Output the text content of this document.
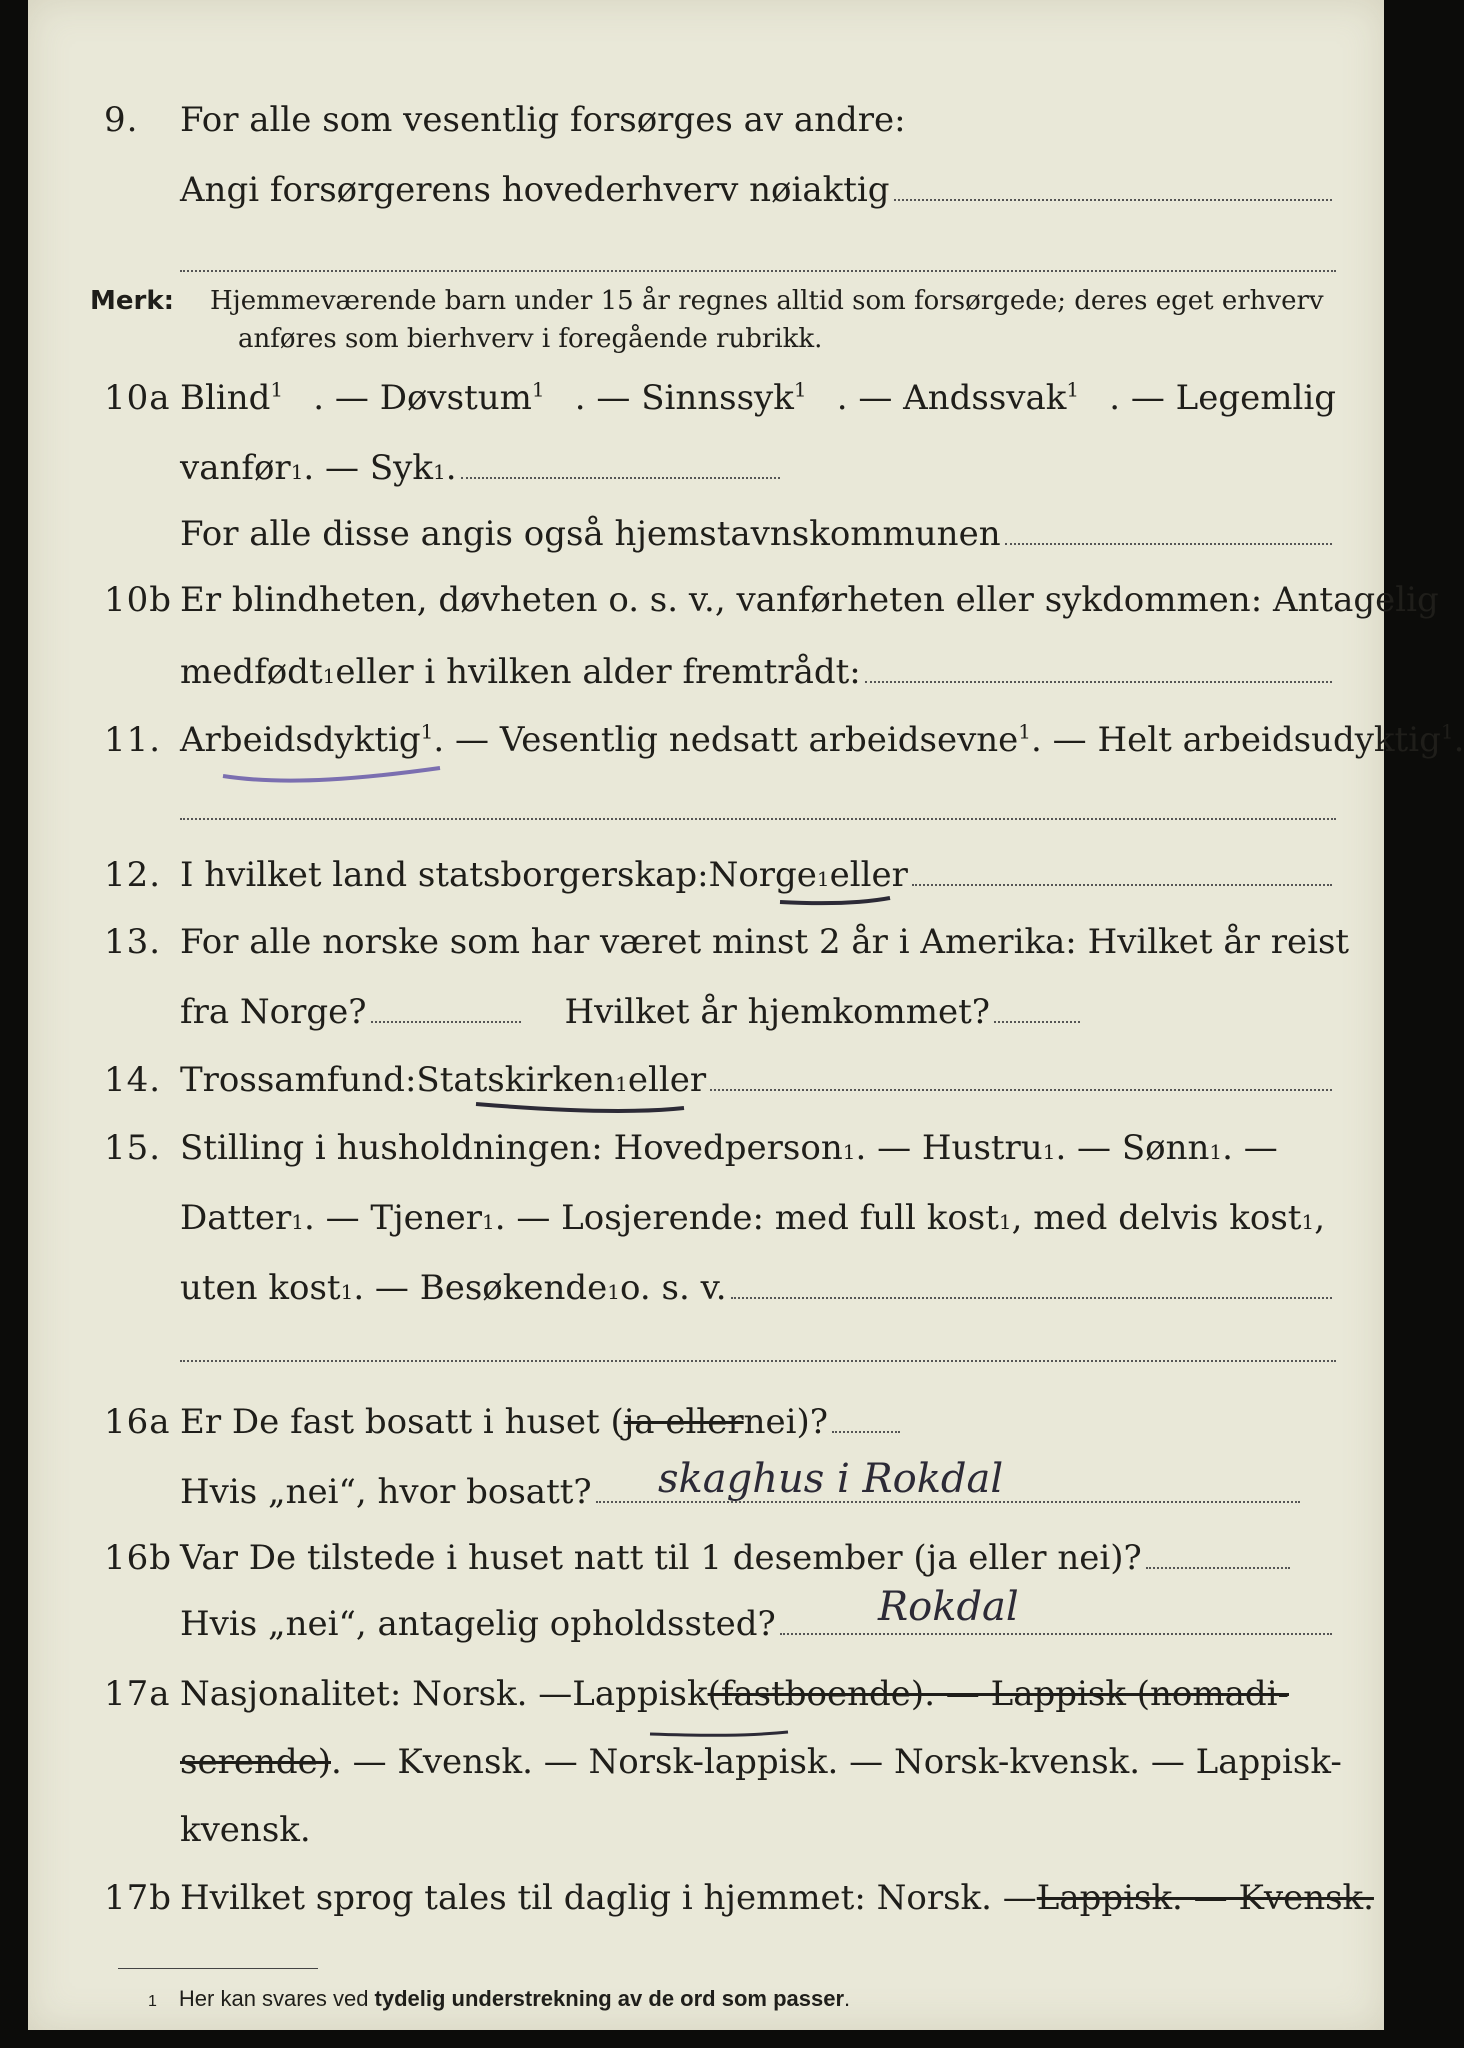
9. For alle som vesentlig forsørges av andre:
Angi forsørgerens hovederhverv nøiaktig
Merk: Hjemmeværende barn under 15 år regnes alltid som forsørgede; deres eget erhverv
anføres som bierhverv i foregående rubrikk.
10a Blind$^1$ . — Døvstum$^1$ . — Sinnssyk$^1$ . — Andssvak$^1$ . — Legemlig
vanfør 1 . — Syk 1 .
For alle disse angis også hjemstavnskommunen
10b Er blindheten, døvheten o. s. v., vanførheten eller sykdommen: Antagelig
medfødt 1 eller i hvilken alder fremtrådt:
11. Arbeidsdyktig$^1$. — Vesentlig nedsatt arbeidsevne$^1$. — Helt arbeidsudyktig$^1$.
12. I hvilket land statsborgerskap: Norge 1 eller
13. For alle norske som har været minst 2 år i Amerika: Hvilket år reist
fra Norge?	Hvilket år hjemkommet?
14. Trossamfund: Statskirken 1 eller
15. Stilling i husholdningen: Hovedperson 1 . — Hustru 1 . — Sønn 1 . —
Datter 1 . — Tjener 1 . — Losjerende: med full kost 1 , med delvis kost 1 ,
uten kost 1 . — Besøkende 1 o. s. v.
16a Er De fast bosatt i huset ( ja eller nei)?
Hvis „nei“, hvor bosatt? skaghus i Rokdal
16b Var De tilstede i huset natt til 1 desember (ja eller nei)?
Hvis „nei“, antagelig opholdssted?	Rokdal
17a Nasjonalitet: Norsk. — Lappisk (fastboende). — Lappisk (nomadi-
serende) . — Kvensk. — Norsk-lappisk. — Norsk-kvensk. — Lappisk-
kvensk.
17b Hvilket sprog tales til daglig i hjemmet: Norsk. — Lappisk. — Kvensk.
1 Her kan svares ved tydelig understrekning av de ord som passer.
